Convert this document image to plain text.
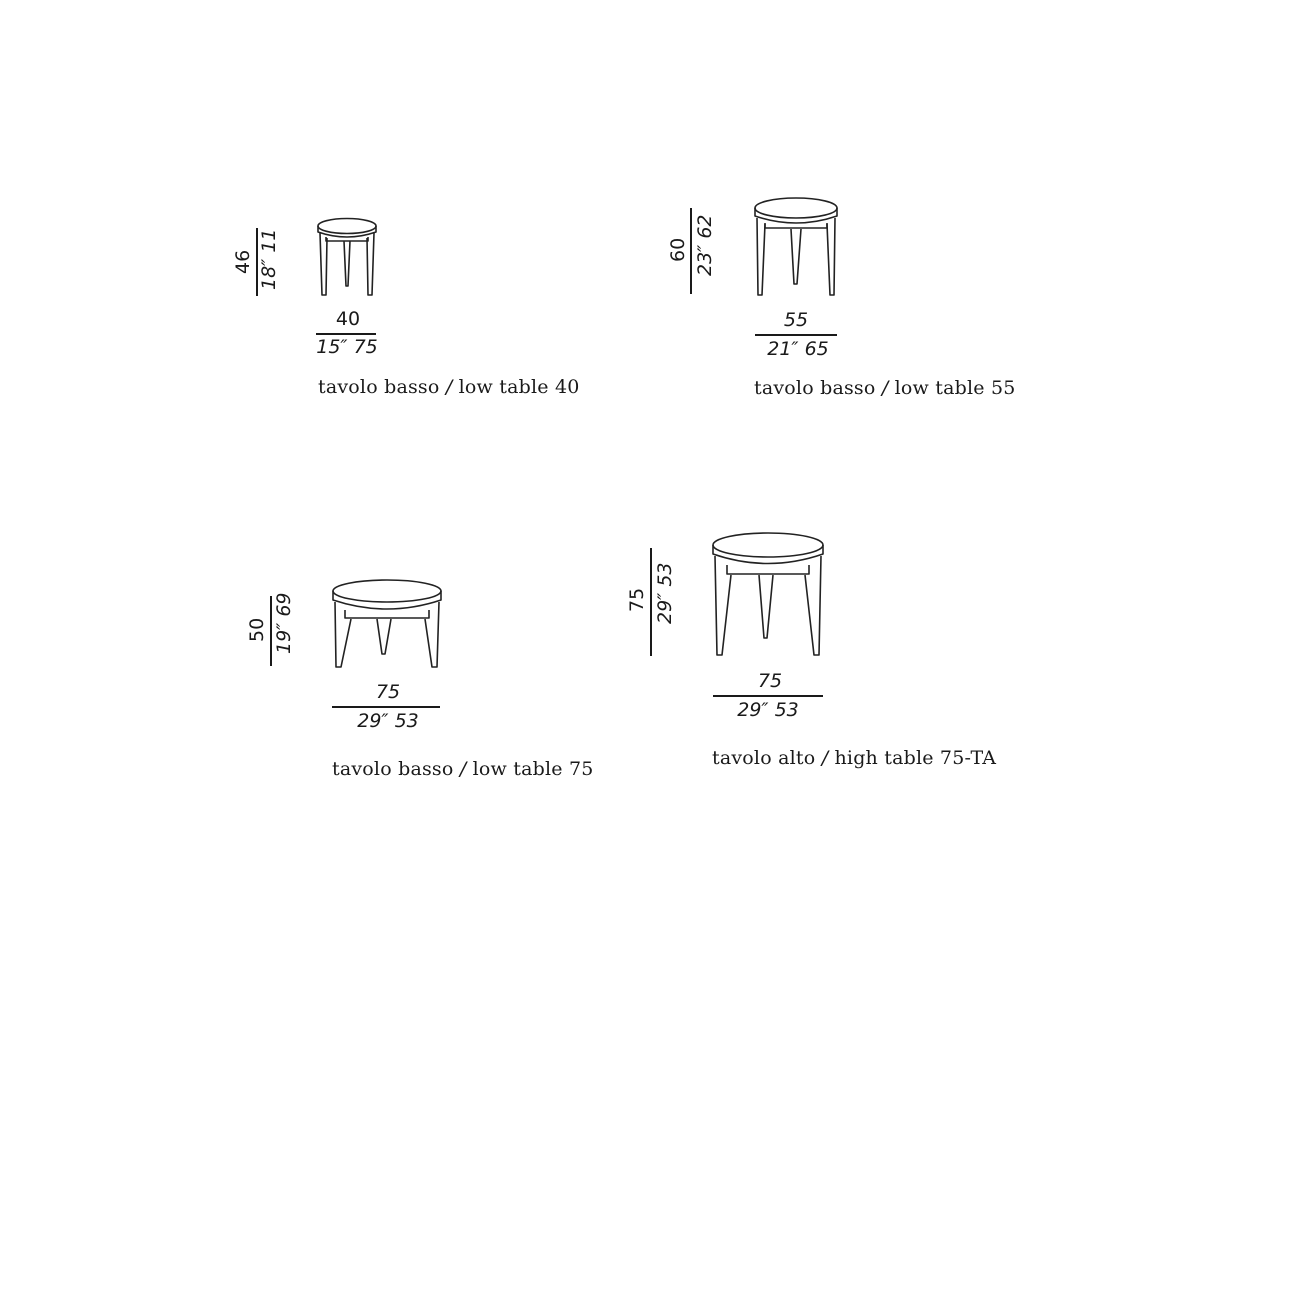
46 18″ 11
40
15″ 75
tavolo basso / low table 40
60 23″ 62
55
21″ 65
tavolo basso / low table 55
50 19″ 69
75
29″ 53
tavolo basso / low table 75
75 29″ 53
75
29″ 53
tavolo alto / high table 75-TA
